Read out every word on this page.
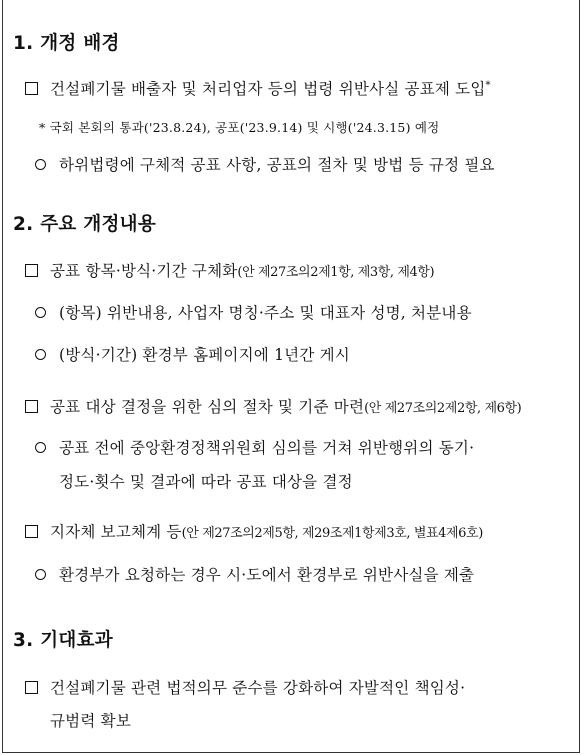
1. 개정 배경
건설폐기물 배출자 및 처리업자 등의 법령 위반사실 공표제 도입*
* 국회 본회의 통과('23.8.24), 공포('23.9.14) 및 시행('24.3.15) 예정
하위법령에 구체적 공표 사항, 공표의 절차 및 방법 등 규정 필요
2. 주요 개정내용
공표 항목·방식·기간 구체화(안 제27조의2제1항, 제3항, 제4항)
(항목) 위반내용, 사업자 명칭·주소 및 대표자 성명, 처분내용
(방식·기간) 환경부 홈페이지에 1년간 게시
공표 대상 결정을 위한 심의 절차 및 기준 마련(안 제27조의2제2항, 제6항)
공표 전에 중앙환경정책위원회 심의를 거쳐 위반행위의 동기·
정도·횟수 및 결과에 따라 공표 대상을 결정
지자체 보고체계 등(안 제27조의2제5항, 제29조제1항제3호, 별표4제6호)
환경부가 요청하는 경우 시·도에서 환경부로 위반사실을 제출
3. 기대효과
건설폐기물 관련 법적의무 준수를 강화하여 자발적인 책임성·
규범력 확보
